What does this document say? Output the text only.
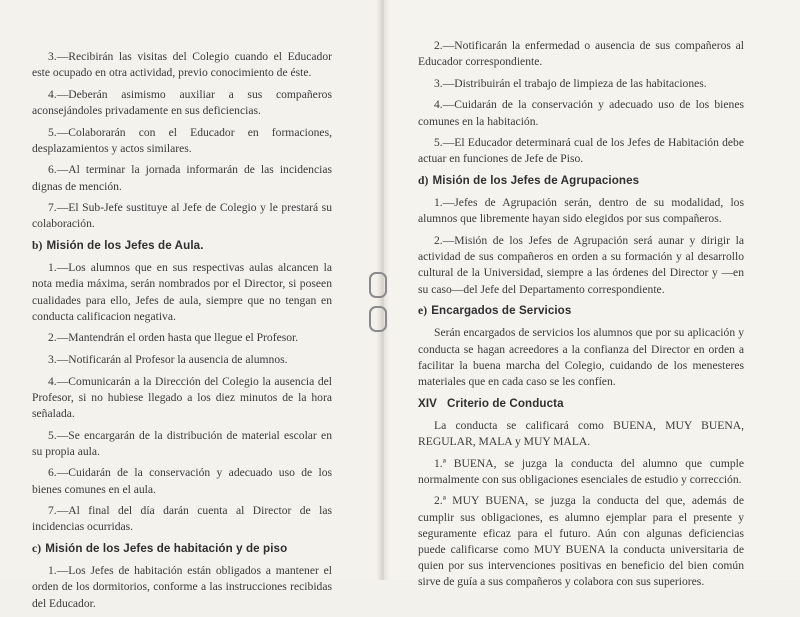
3.—Recibirán las visitas del Colegio cuando el Educador este ocupado en otra actividad, previo conocimiento de éste.

4.—Deberán asimismo auxiliar a sus compañeros aconsejándoles privadamente en sus deficiencias.

5.—Colaborarán con el Educador en formaciones, desplazamientos y actos similares.

6.—Al terminar la jornada informarán de las incidencias dignas de mención.

7.—El Sub-Jefe sustituye al Jefe de Colegio y le prestará su colaboración.

b) Misión de los Jefes de Aula.

1.—Los alumnos que en sus respectivas aulas alcancen la nota media máxima, serán nombrados por el Director, si poseen cualidades para ello, Jefes de aula, siempre que no tengan en conducta calificacion negativa.

2.—Mantendrán el orden hasta que llegue el Profesor.

3.—Notificarán al Profesor la ausencia de alumnos.

4.—Comunicarán a la Dirección del Colegio la ausencia del Profesor, si no hubiese llegado a los diez minutos de la hora señalada.

5.—Se encargarán de la distribución de material escolar en su propia aula.

6.—Cuidarán de la conservación y adecuado uso de los bienes comunes en el aula.

7.—Al final del día darán cuenta al Director de las incidencias ocurridas.

c) Misión de los Jefes de habitación y de piso

1.—Los Jefes de habitación están obligados a mantener el orden de los dormitorios, conforme a las instrucciones recibidas del Educador.

2.—Notificarán la enfermedad o ausencia de sus compañeros al Educador correspondiente.

3.—Distribuirán el trabajo de limpieza de las habitaciones.

4.—Cuidarán de la conservación y adecuado uso de los bienes comunes en la habitación.

5.—El Educador determinará cual de los Jefes de Habitación debe actuar en funciones de Jefe de Piso.

d) Misión de los Jefes de Agrupaciones

1.—Jefes de Agrupación serán, dentro de su modalidad, los alumnos que libremente hayan sido elegidos por sus compañeros.

2.—Misión de los Jefes de Agrupación será aunar y dirigir la actividad de sus compañeros en orden a su formación y al desarrollo cultural de la Universidad, siempre a las órdenes del Director y —en su caso—del Jefe del Departamento correspondiente.

e) Encargados de Servicios

Serán encargados de servicios los alumnos que por su aplicación y conducta se hagan acreedores a la confianza del Director en orden a facilitar la buena marcha del Colegio, cuidando de los menesteres materiales que en cada caso se les confíen.

XIV Criterio de Conducta

La conducta se calificará como BUENA, MUY BUENA, REGULAR, MALA y MUY MALA.

1.ª BUENA, se juzga la conducta del alumno que cumple normalmente con sus obligaciones esenciales de estudio y corrección.

2.ª MUY BUENA, se juzga la conducta del que, además de cumplir sus obligaciones, es alumno ejemplar para el presente y seguramente eficaz para el futuro. Aún con algunas deficiencias puede calificarse como MUY BUENA la conducta universitaria de quien por sus intervenciones positivas en beneficio del bien común sirve de guía a sus compañeros y colabora con sus superiores.
